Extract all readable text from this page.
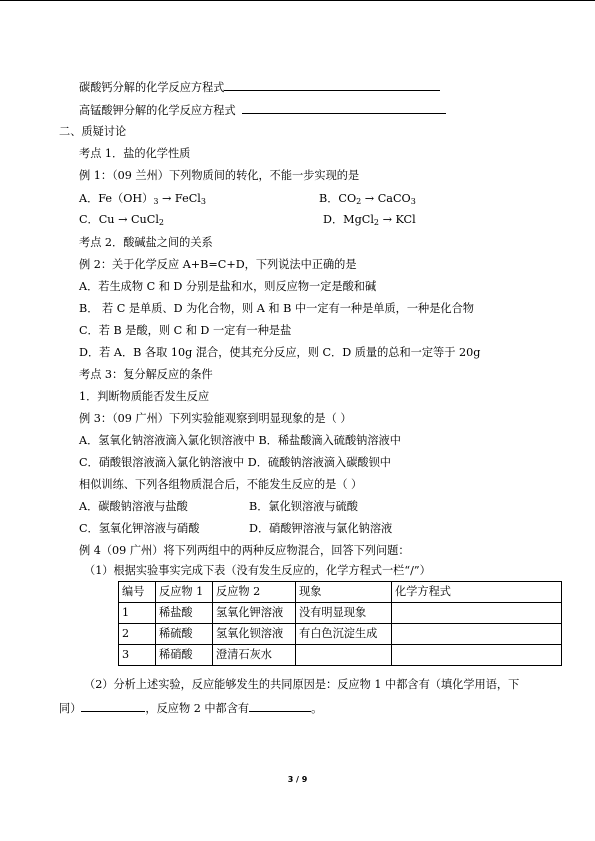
碳酸钙分解的化学反应方程式
高锰酸钾分解的化学反应方程式
二、质疑讨论
考点 1．盐的化学性质
例 1：（09 兰州）下列物质间的转化，不能一步实现的是
A．$Fe(OH)_3$ → FeCl$_3$	B．$CO_2$ → CaCO$_3$
C．Cu → CuCl$_2$	D．MgCl$_2$ → KCl
考点 2．酸碱盐之间的关系
例 2：关于化学反应 A+B=C+D，下列说法中正确的是
A．若生成物 C 和 D 分别是盐和水，则反应物一定是酸和碱
B． 若 C 是单质、D 为化合物，则 A 和 B 中一定有一种是单质，一种是化合物
C．若 B 是酸，则 C 和 D 一定有一种是盐
D．若 A．B 各取 10g 混合，使其充分反应，则 C．D 质量的总和一定等于 20g
考点 3：复分解反应的条件
1．判断物质能否发生反应
例 3：（09 广州）下列实验能观察到明显现象的是（ ）
A．氢氧化钠溶液滴入氯化钡溶液中 B．稀盐酸滴入硫酸钠溶液中
C．硝酸银溶液滴入氯化钠溶液中 D．硫酸钠溶液滴入碳酸钡中
相似训练、下列各组物质混合后，不能发生反应的是（ ）
A．碳酸钠溶液与盐酸	B．氯化钡溶液与硫酸
C．氢氧化钾溶液与硝酸	D．硝酸钾溶液与氯化钠溶液
例 4（09 广州）将下列两组中的两种反应物混合，回答下列问题：
（1）根据实验事实完成下表（没有发生反应的，化学方程式一栏“/”）
编号	反应物 1	反应物 2	现象	化学方程式
1	稀盐酸	氢氧化钾溶液	没有明显现象	
2	稀硫酸	氢氧化钡溶液	有白色沉淀生成	
3	稀硝酸	澄清石灰水		
（2）分析上述实验，反应能够发生的共同原因是：反应物 1 中都含有（填化学用语，下
同）	，反应物 2 中都含有	。
3 / 9
